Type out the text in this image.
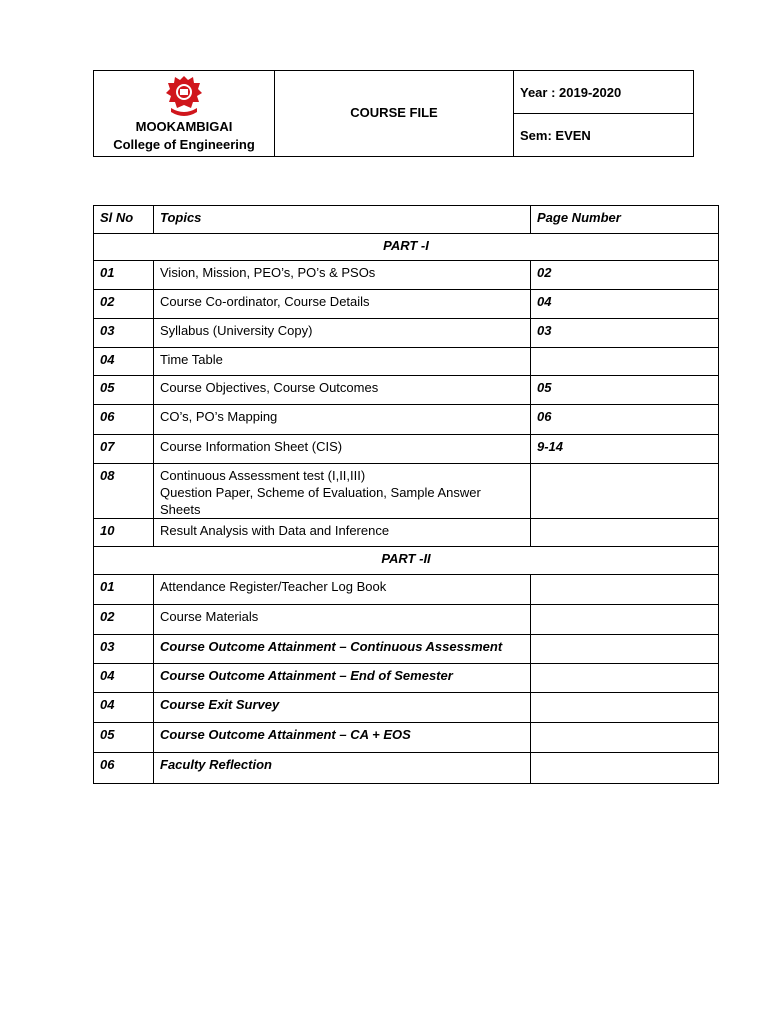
MOOKAMBIGAI
College of Engineering

COURSE FILE
	Year : 2019-2020
Sem: EVEN
Sl No	Topics	Page Number
PART -I		
01	Vision, Mission, PEO’s, PO’s & PSOs	02
02	Course Co-ordinator, Course Details	04
03	Syllabus (University Copy)	03
04	Time Table	
05	Course Objectives, Course Outcomes	05
06	CO’s, PO’s Mapping	06
07	Course Information Sheet (CIS)	9-14
08	Continuous Assessment test (I,II,III)
Question Paper, Scheme of Evaluation, Sample Answer Sheets	

10	Result Analysis with Data and Inference	
PART -II		
01	Attendance Register/Teacher Log Book	
02	Course Materials	
03	Course Outcome Attainment – Continuous Assessment	
04	Course Outcome Attainment – End of Semester	
04	Course Exit Survey	
05	Course Outcome Attainment – CA + EOS	
06	Faculty Reflection	
